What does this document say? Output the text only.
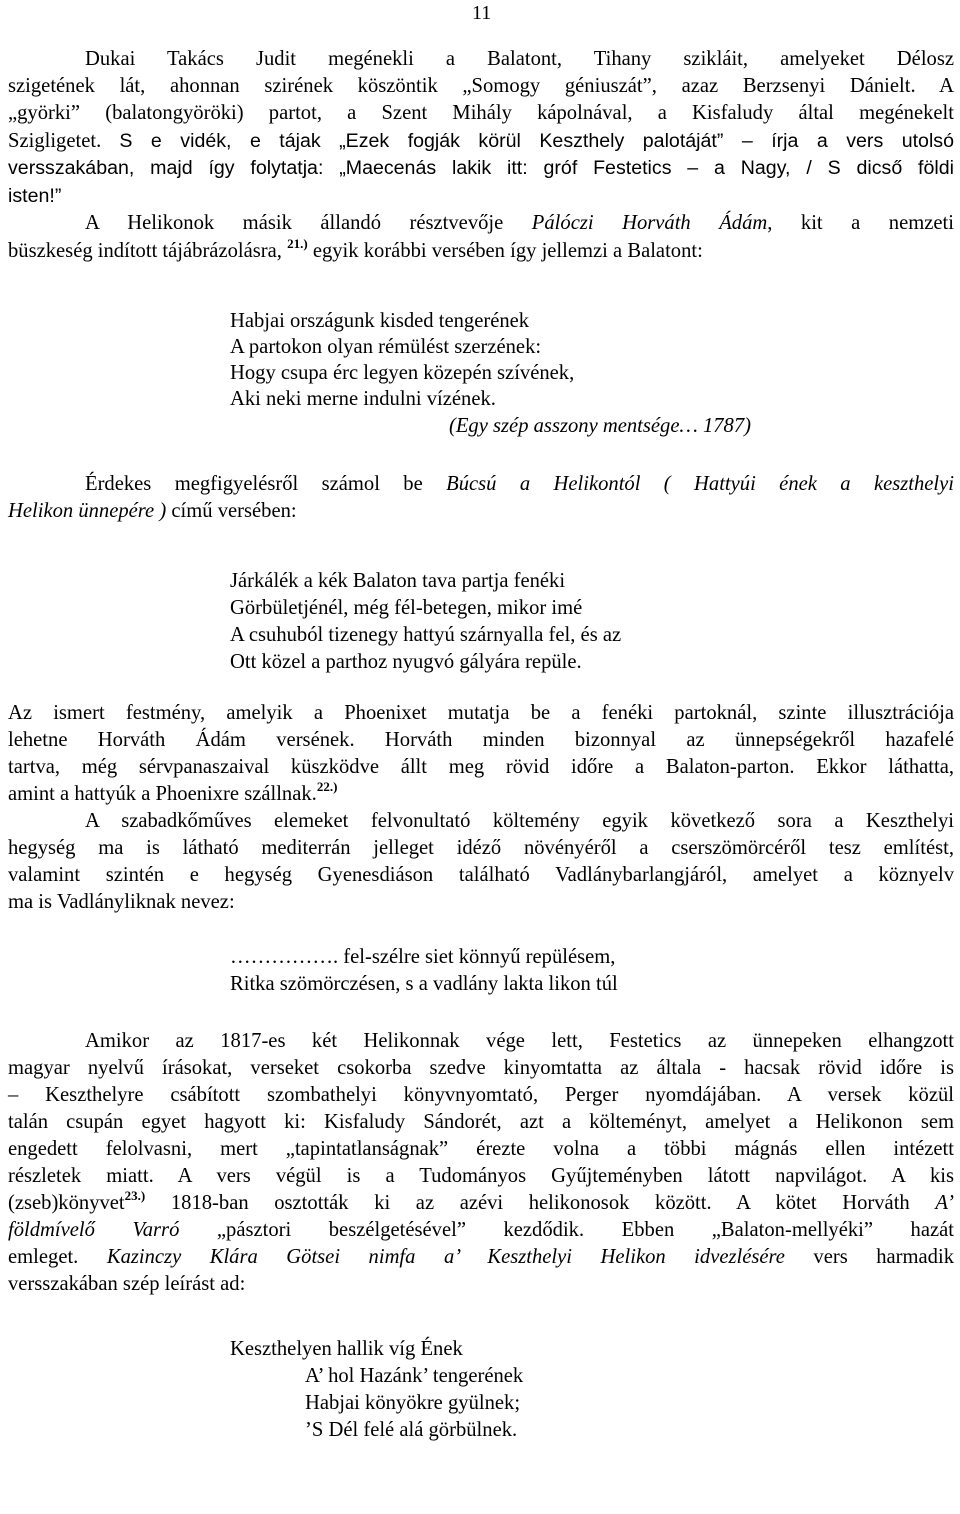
11
Dukai Takács Judit megénekli a Balatont, Tihany sziklái​t, amelyeket Délosz
szigetének lát, ahonnan szirének köszöntik „Somogy géniuszát”, azaz Berzsenyi Dánielt. A
„györki” (balatongyöröki) partot, a Szent Mihály kápolnával, a Kisfaludy által megénekelt
Szigligetet. S e vidék, e tájak „Ezek fogják körül Keszthely palotáját” – írja a vers utolsó
versszakában, majd így folytatja: „Maecenás lakik itt: gróf Festetics – a Nagy, / S dicső földi
isten!”
A Helikonok másik állandó résztvevője Pálóczi Horváth Ádám, kit a nemzeti
büszkeség indított tájábrázolásra, $^{21.)}$ egyik korábbi versében így jellemzi a Balatont:
Habjai országunk kisded tengerének
A partokon olyan rémülést szerzének:
Hogy csupa érc legyen közepén szívének,
Aki neki merne indulni vízének.
(Egy szép asszony mentsége… 1787)
Érdekes megfigyelésről számol be Búcsú a Helikontól ( Hattyúi ének a keszthelyi
Helikon ünnepére ) című versében:
Járkálék a kék Balaton tava partja fenéki
Görbületjénél, még fél-betegen, mikor imé
A csuhuból tizenegy hattyú szárnyalla fel, és az
Ott közel a parthoz nyugvó gályára repüle.
Az ismert festmény, amelyik a Phoenixet mutatja be a fenéki partoknál, szinte illusztrációja
lehetne Horváth Ádám versének. Horváth minden bizonnyal az ünnepségekről hazafelé
tartva, még sérvpanaszaival küszködve állt meg rövid időre a Balaton-parton. Ekkor láthatta,
amint a hattyúk a Phoenixre szállnak.$^{22.)}$
A szabadkőműves elemeket felvonultató költemény egyik következő sora a Keszthelyi
hegység ma is látható mediterrán jelleget idéző növényéről a cserszömörcéről tesz említést,
valamint szintén e hegység Gyenesdiáson található Vadlánybarlangjáról, amelyet a köznyelv
ma is Vadlányliknak nevez:
……………. fel-szélre siet könnyű repülésem,
Ritka szömörczésen, s a vadlány lakta likon túl
Amikor az 1817-es két Helikonnak vége lett, Festetics az ünnepeken elhangzott
magyar nyelvű írásokat, verseket csokorba szedve kinyomtatta az általa - hacsak rövid időre is
– Keszthelyre csábított szombathelyi könyvnyomtató, Perger nyomdájában. A versek közül
talán csupán egyet hagyott ki: Kisfaludy Sándorét, azt a költeményt, amelyet a Helikonon sem
engedett felolvasni, mert „tapintatlanságnak” érezte volna a többi mágnás ellen intézett
részletek miatt. A vers végül is a Tudományos Gyűjteményben látott napvilágot. A kis
(zseb)könyvet$^{23.)}$ 1818-ban osztották ki az azévi helikonosok között. A kötet Horváth A’
földmívelő Varró „pásztori beszélgetésével” kezdődik. Ebben „Balaton-mellyéki” hazát
emleget. Kazinczy Klára Götsei nimfa a’ Keszthelyi Helikon idvezlésére vers harmadik
versszakában szép leírást ad:
Keszthelyen hallik víg Ének
A’ hol Hazánk’ tengerének
Habjai könyökre gyülnek;
’S Dél felé alá görbülnek.
